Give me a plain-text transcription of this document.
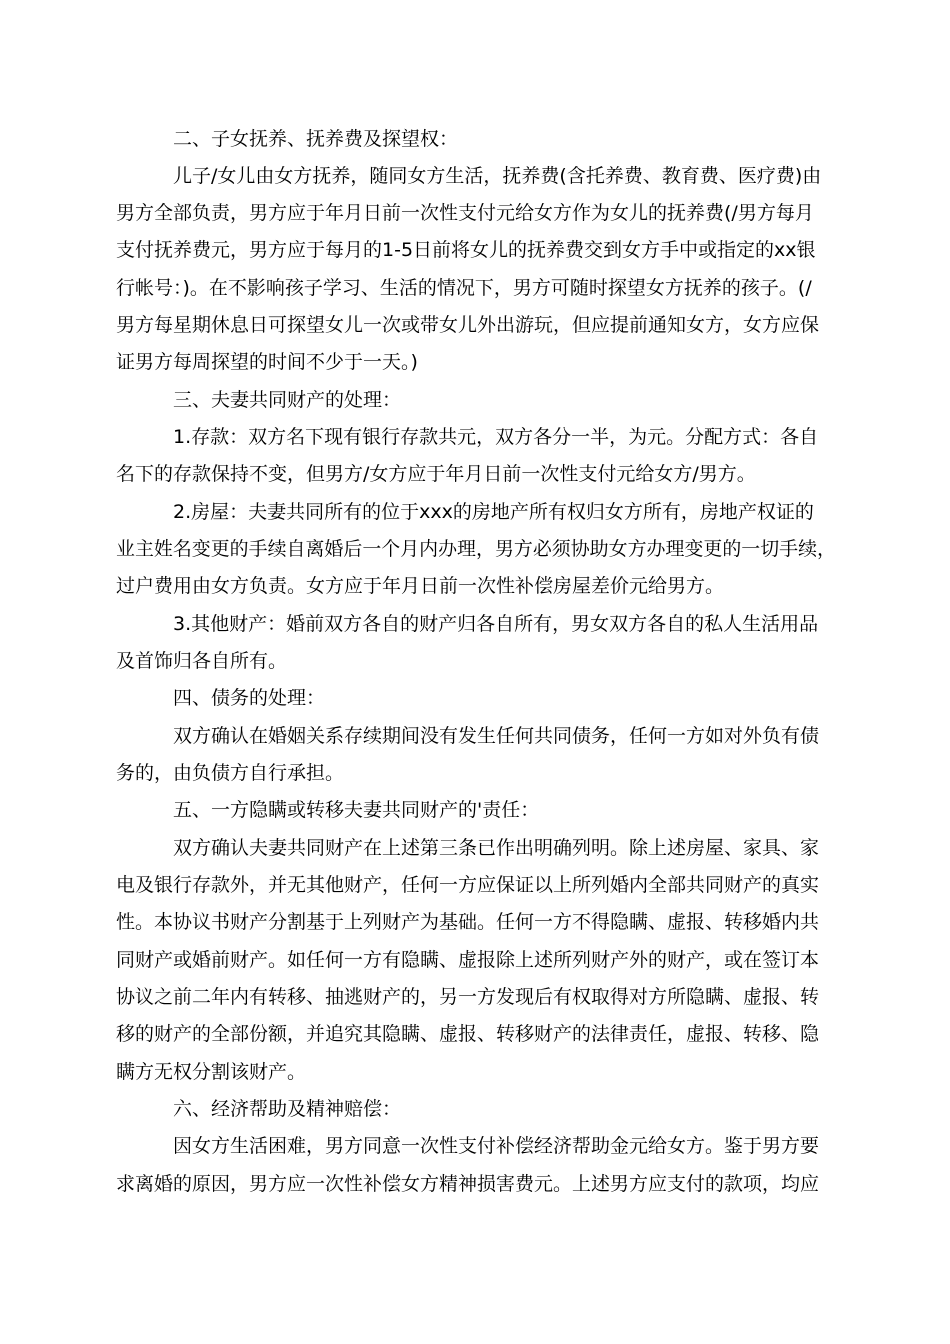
二、子女抚养、抚养费及探望权：
儿子/女儿由女方抚养，随同女方生活，抚养费(含托养费、教育费、医疗费)由
男方全部负责，男方应于年月日前一次性支付元给女方作为女儿的抚养费(/男方每月
支付抚养费元，男方应于每月的1-5日前将女儿的抚养费交到女方手中或指定的xx银
行帐号：)。在不影响孩子学习、生活的情况下，男方可随时探望女方抚养的孩子。(/
男方每星期休息日可探望女儿一次或带女儿外出游玩，但应提前通知女方，女方应保
证男方每周探望的时间不少于一天。)
三、夫妻共同财产的处理：
1.存款：双方名下现有银行存款共元，双方各分一半，为元。分配方式：各自
名下的存款保持不变，但男方/女方应于年月日前一次性支付元给女方/男方。
2.房屋：夫妻共同所有的位于xxx的房地产所有权归女方所有，房地产权证的
业主姓名变更的手续自离婚后一个月内办理，男方必须协助女方办理变更的一切手续，
过户费用由女方负责。女方应于年月日前一次性补偿房屋差价元给男方。
3.其他财产：婚前双方各自的财产归各自所有，男女双方各自的私人生活用品
及首饰归各自所有。
四、债务的处理：
双方确认在婚姻关系存续期间没有发生任何共同债务，任何一方如对外负有债
务的，由负债方自行承担。
五、一方隐瞒或转移夫妻共同财产的'责任：
双方确认夫妻共同财产在上述第三条已作出明确列明。除上述房屋、家具、家
电及银行存款外，并无其他财产，任何一方应保证以上所列婚内全部共同财产的真实
性。本协议书财产分割基于上列财产为基础。任何一方不得隐瞒、虚报、转移婚内共
同财产或婚前财产。如任何一方有隐瞒、虚报除上述所列财产外的财产，或在签订本
协议之前二年内有转移、抽逃财产的，另一方发现后有权取得对方所隐瞒、虚报、转
移的财产的全部份额，并追究其隐瞒、虚报、转移财产的法律责任，虚报、转移、隐
瞒方无权分割该财产。
六、经济帮助及精神赔偿：
因女方生活困难，男方同意一次性支付补偿经济帮助金元给女方。鉴于男方要
求离婚的原因，男方应一次性补偿女方精神损害费元。上述男方应支付的款项，均应
